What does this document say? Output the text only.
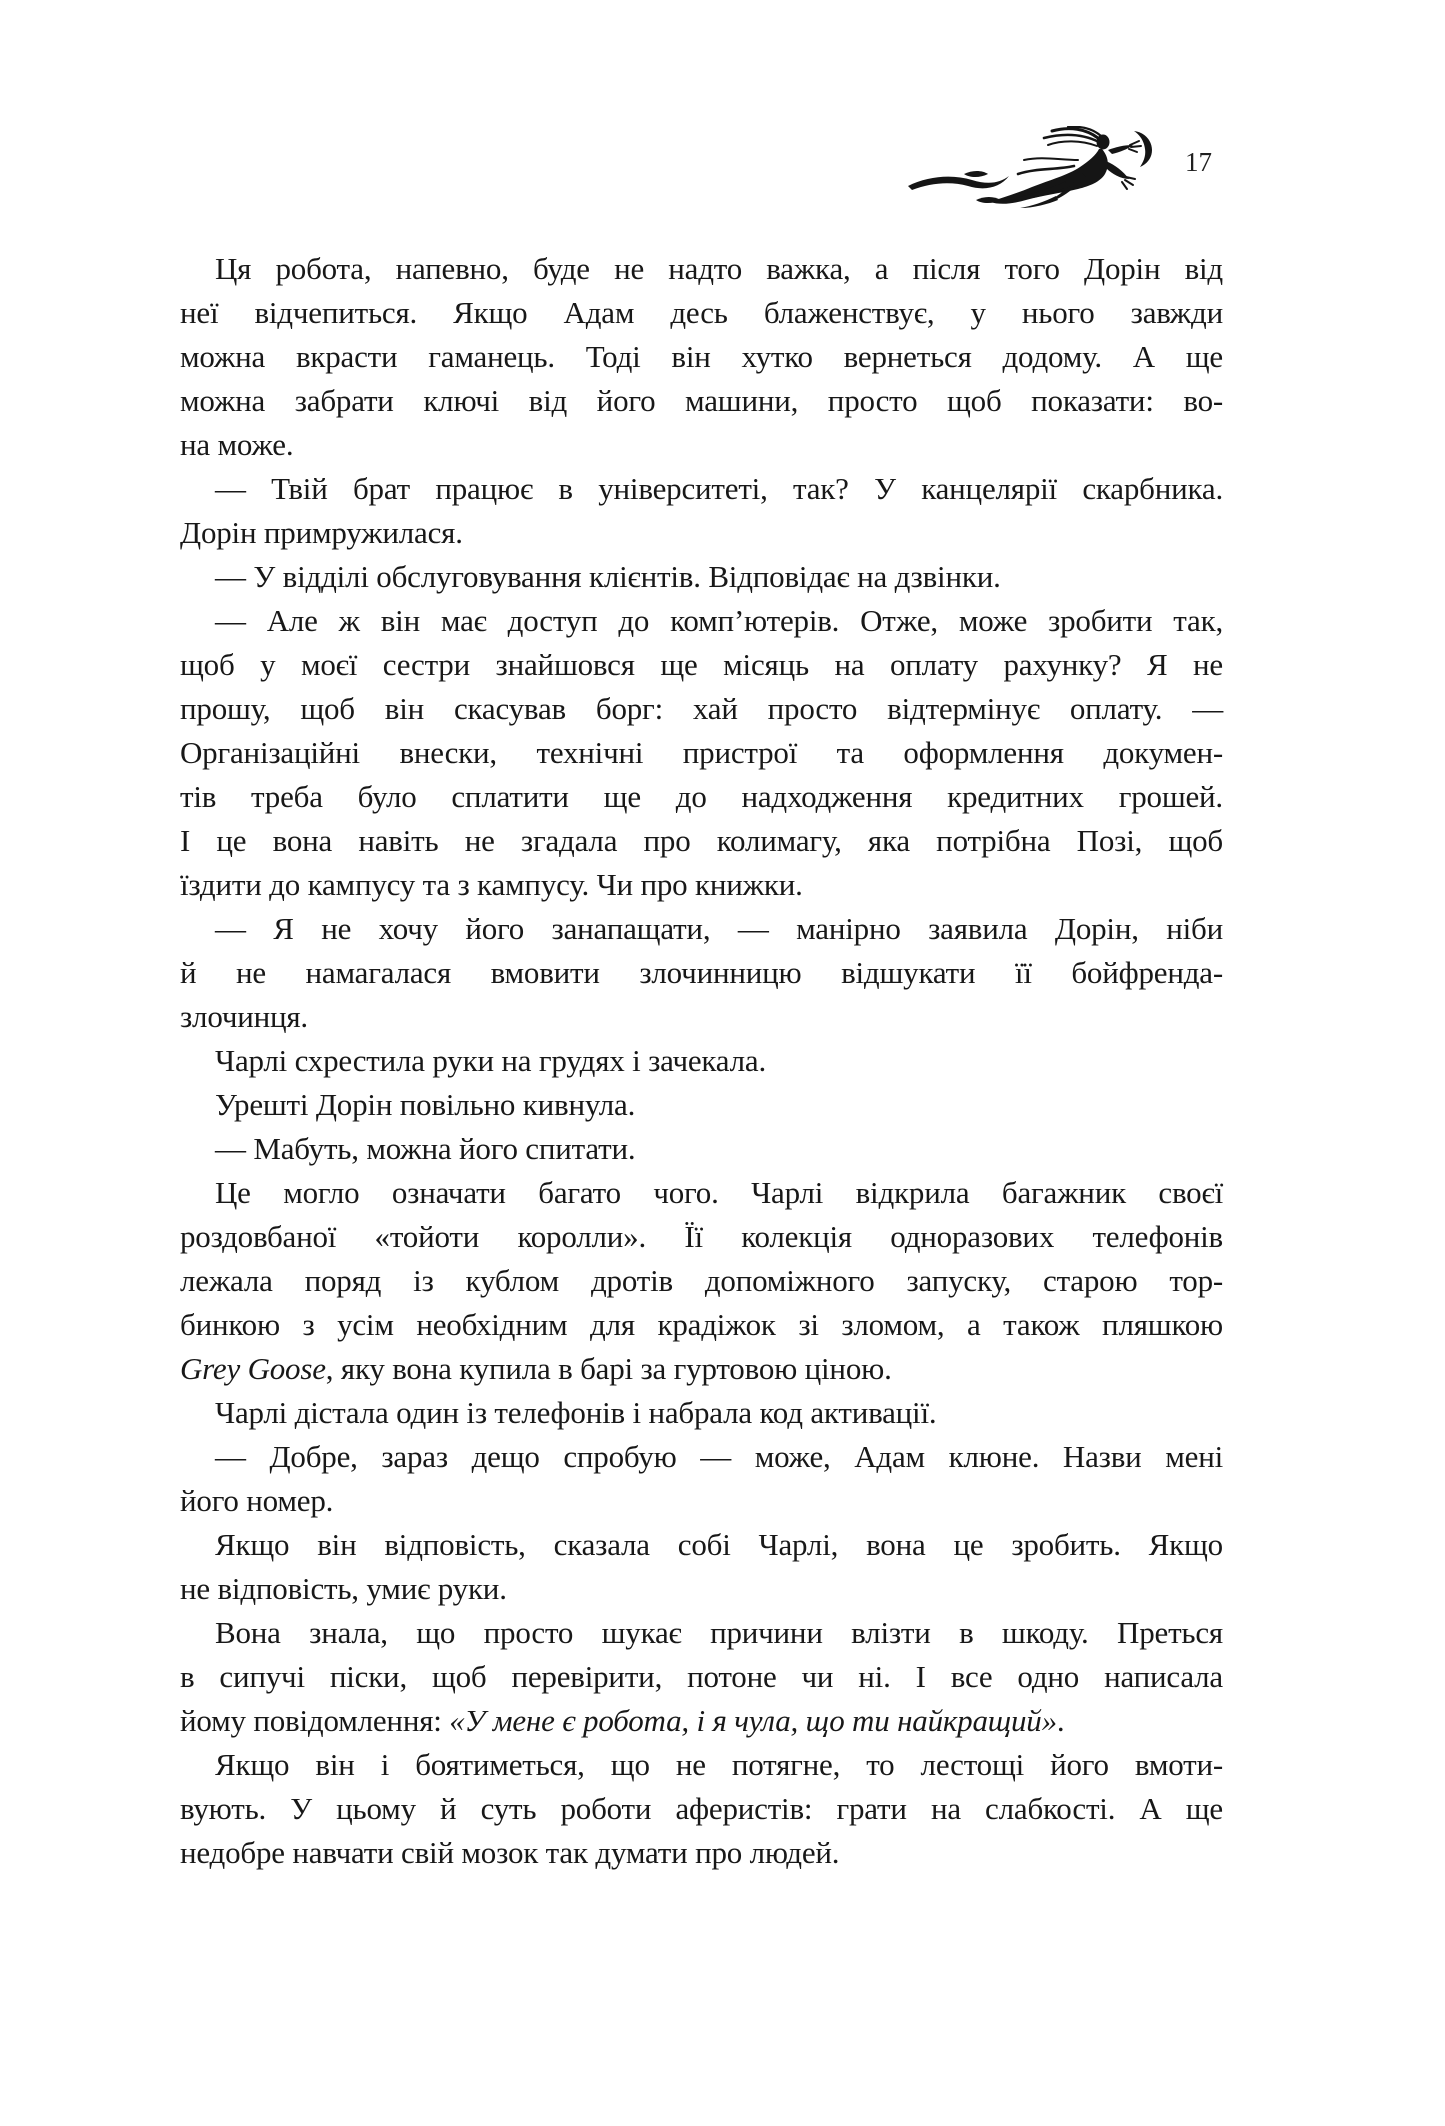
17
Ця робота, напевно, буде не надто важка, а після того Дорін від
неї відчепиться. Якщо Адам десь блаженствує, у нього завжди
можна вкрасти гаманець. Тоді він хутко вернеться додому. А ще
можна забрати ключі від його машини, просто щоб показати: во-
на може.
— Твій брат працює в університеті, так? У канцелярії скарбника.
Дорін примружилася.
— У відділі обслуговування клієнтів. Відповідає на дзвінки.
— Але ж він має доступ до комп’ютерів. Отже, може зробити так,
щоб у моєї сестри знайшовся ще місяць на оплату рахунку? Я не
прошу, щоб він скасував борг: хай просто відтермінує оплату. —
Організаційні внески, технічні пристрої та оформлення докумен-
тів треба було сплатити ще до надходження кредитних грошей.
І це вона навіть не згадала про колимагу, яка потрібна Позі, щоб
їздити до кампусу та з кампусу. Чи про книжки.
— Я не хочу його занапащати, — манірно заявила Дорін, ніби
й не намагалася вмовити злочинницю відшукати її бойфренда-
злочинця.
Чарлі схрестила руки на грудях і зачекала.
Урешті Дорін повільно кивнула.
— Мабуть, можна його спитати.
Це могло означати багато чого. Чарлі відкрила багажник своєї
роздовбаної «тойоти королли». Її колекція одноразових телефонів
лежала поряд із кублом дротів допоміжного запуску, старою тор-
бинкою з усім необхідним для крадіжок зі зломом, а також пляшкою
Grey Goose, яку вона купила в барі за гуртовою ціною.
Чарлі дістала один із телефонів і набрала код активації.
— Добре, зараз дещо спробую — може, Адам клюне. Назви мені
його номер.
Якщо він відповість, сказала собі Чарлі, вона це зробить. Якщо
не відповість, умиє руки.
Вона знала, що просто шукає причини влізти в шкоду. Преться
в сипучі піски, щоб перевірити, потоне чи ні. І все одно написала
йому повідомлення: «У мене є робота, і я чула, що ти найкращий».
Якщо він і боятиметься, що не потягне, то лестощі його вмоти-
вують. У цьому й суть роботи аферистів: грати на слабкості. А ще
недобре навчати свій мозок так думати про людей.
